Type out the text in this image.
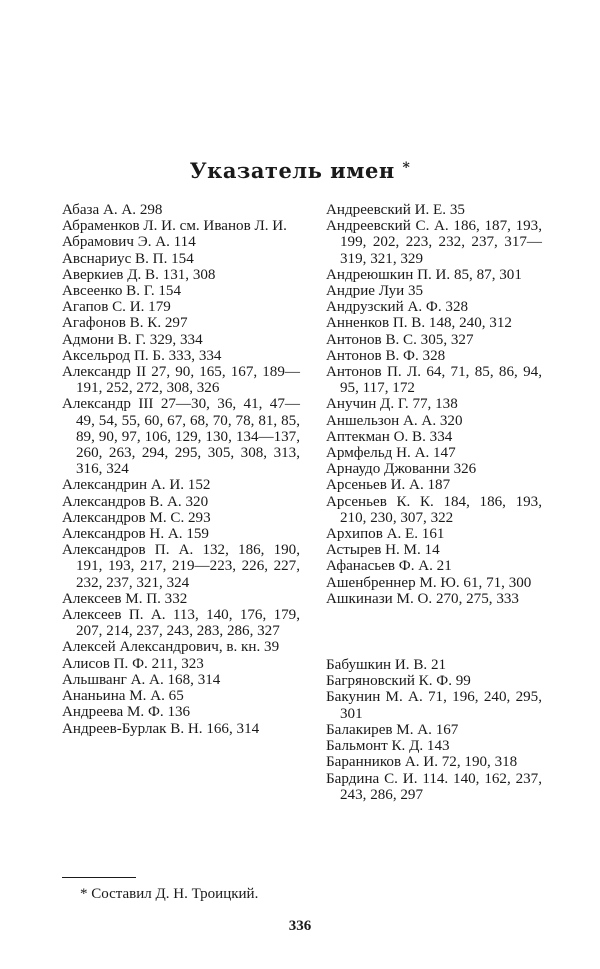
Указатель имен *
Абаза А. А. 298
Абраменков Л. И. см. Иванов Л. И.
Абрамович Э. А. 114
Авснариус В. П. 154
Аверкиев Д. В. 131, 308
Авсеенко В. Г. 154
Агапов С. И. 179
Агафонов В. К. 297
Адмони В. Г. 329, 334
Аксельрод П. Б. 333, 334
Александр II 27, 90, 165, 167, 189—191, 252, 272, 308, 326
Александр III 27—30, 36, 41, 47—49, 54, 55, 60, 67, 68, 70, 78, 81, 85, 89, 90, 97, 106, 129, 130, 134—137, 260, 263, 294, 295, 305, 308, 313, 316, 324
Александрин А. И. 152
Александров В. А. 320
Александров М. С. 293
Александров Н. А. 159
Александров П. А. 132, 186, 190, 191, 193, 217, 219—223, 226, 227, 232, 237, 321, 324
Алексеев М. П. 332
Алексеев П. А. 113, 140, 176, 179, 207, 214, 237, 243, 283, 286, 327
Алексей Александрович, в. кн. 39
Алисов П. Ф. 211, 323
Альшванг А. А. 168, 314
Ананьина М. А. 65
Андреева М. Ф. 136
Андреев-Бурлак В. Н. 166, 314
Андреевский И. Е. 35
Андреевский С. А. 186, 187, 193, 199, 202, 223, 232, 237, 317—319, 321, 329
Андреюшкин П. И. 85, 87, 301
Андрие Луи 35
Андрузский А. Ф. 328
Анненков П. В. 148, 240, 312
Антонов В. С. 305, 327
Антонов В. Ф. 328
Антонов П. Л. 64, 71, 85, 86, 94, 95, 117, 172
Анучин Д. Г. 77, 138
Аншельзон А. А. 320
Аптекман О. В. 334
Армфельд Н. А. 147
Арнаудо Джованни 326
Арсеньев И. А. 187
Арсеньев К. К. 184, 186, 193, 210, 230, 307, 322
Архипов А. Е. 161
Астырев Н. М. 14
Афанасьев Ф. А. 21
Ашенбреннер М. Ю. 61, 71, 300
Ашкинази М. О. 270, 275, 333
Бабушкин И. В. 21
Багряновский К. Ф. 99
Бакунин М. А. 71, 196, 240, 295, 301
Балакирев М. А. 167
Бальмонт К. Д. 143
Баранников А. И. 72, 190, 318
Бардина С. И. 114. 140, 162, 237, 243, 286, 297
* Составил Д. Н. Троицкий.
336
